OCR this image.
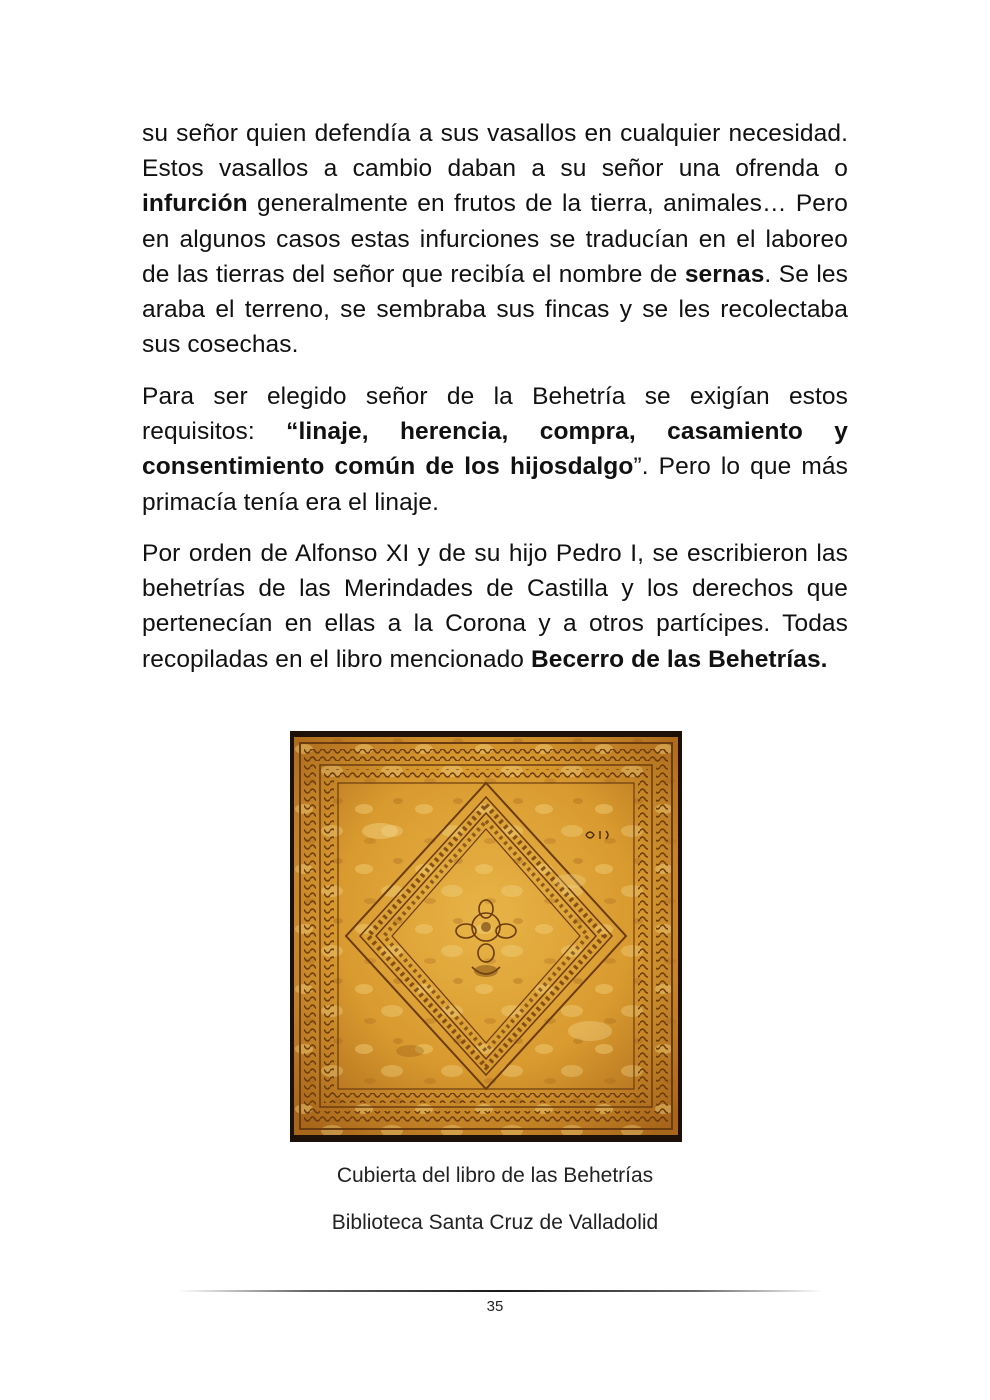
su señor quien defendía a sus vasallos en cualquier necesidad. Estos vasallos a cambio daban a su señor una ofrenda o infurción generalmente en frutos de la tierra, animales… Pero en algunos casos estas infurciones se traducían en el laboreo de las tierras del señor que recibía el nombre de sernas. Se les araba el terreno, se sembraba sus fincas y se les recolectaba sus cosechas.
Para ser elegido señor de la Behetría se exigían estos requisitos: “linaje, herencia, compra, casamiento y consentimiento común de los hijosdalgo”. Pero lo que más primacía tenía era el linaje.
Por orden de Alfonso XI y de su hijo Pedro I, se escribieron las behetrías de las Merindades de Castilla y los derechos que pertenecían en ellas a la Corona y a otros partícipes. Todas recopiladas en el libro mencionado Becerro de las Behetrías.
Cubierta del libro de las Behetrías
Biblioteca Santa Cruz de Valladolid
35
